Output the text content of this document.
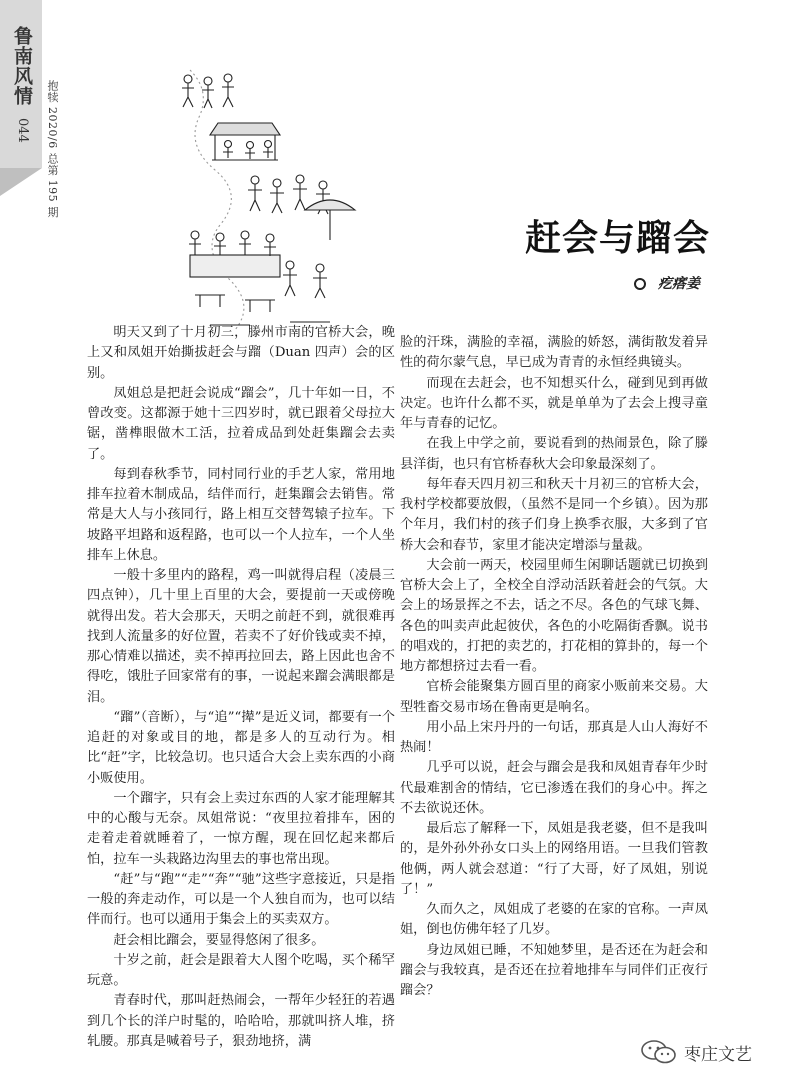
鲁南风情
044 抱犊 2020/6 总第 195 期
赶会与蹓会
疙瘩姜

明天又到了十月初三，滕州市南的官桥大会，晚上又和凤姐开始撕拔赶会与蹓（Duan 四声）会的区别。

凤姐总是把赶会说成“蹓会”，几十年如一日，不曾改变。这都源于她十三四岁时，就已跟着父母拉大锯，凿榫眼做木工活，拉着成品到处赶集蹓会去卖了。

每到春秋季节，同村同行业的手艺人家，常用地排车拉着木制成品，结伴而行，赶集蹓会去销售。常常是大人与小孩同行，路上相互交替驾辕子拉车。下坡路平坦路和返程路，也可以一个人拉车，一个人坐排车上休息。

一般十多里内的路程，鸡一叫就得启程（凌晨三四点钟），几十里上百里的大会，要提前一天或傍晚就得出发。若大会那天，天明之前赶不到，就很难再找到人流量多的好位置，若卖不了好价钱或卖不掉，那心情难以描述，卖不掉再拉回去，路上因此也舍不得吃，饿肚子回家常有的事，一说起来蹓会满眼都是泪。

“蹓”（音断），与“追”“撵”是近义词，都要有一个追赶的对象或目的地，都是多人的互动行为。相比“赶”字，比较急切。也只适合大会上卖东西的小商小贩使用。

一个蹓字，只有会上卖过东西的人家才能理解其中的心酸与无奈。凤姐常说：“夜里拉着排车，困的走着走着就睡着了，一惊方醒，现在回忆起来都后怕，拉车一头栽路边沟里去的事也常出现。

“赶”与“跑”“走”“奔”“驰”这些字意接近，只是指一般的奔走动作，可以是一个人独自而为，也可以结伴而行。也可以通用于集会上的买卖双方。

赶会相比蹓会，要显得悠闲了很多。

十岁之前，赶会是跟着大人图个吃喝，买个稀罕玩意。

青春时代，那叫赶热闹会，一帮年少轻狂的若遇到几个长的洋户时髦的，哈哈哈，那就叫挤人堆，挤轧腰。那真是喊着号子，狠劲地挤，满

脸的汗珠，满脸的幸福，满脸的娇怒，满街散发着异性的荷尔蒙气息，早已成为青青的永恒经典镜头。

而现在去赶会，也不知想买什么，碰到见到再做决定。也许什么都不买，就是单单为了去会上搜寻童年与青春的记忆。

在我上中学之前，要说看到的热闹景色，除了滕县洋街，也只有官桥春秋大会印象最深刻了。

每年春天四月初三和秋天十月初三的官桥大会，我村学校都要放假，（虽然不是同一个乡镇）。因为那个年月，我们村的孩子们身上换季衣服，大多到了官桥大会和春节，家里才能决定增添与量裁。

大会前一两天，校园里师生闲聊话题就已切换到官桥大会上了，全校全自浮动活跃着赶会的气氛。大会上的场景挥之不去，话之不尽。各色的气球飞舞、各色的叫卖声此起彼伏，各色的小吃隔街香飘。说书的唱戏的，打把的卖艺的，打花相的算卦的，每一个地方都想挤过去看一看。

官桥会能聚集方圆百里的商家小贩前来交易。大型牲畜交易市场在鲁南更是响名。

用小品上宋丹丹的一句话，那真是人山人海好不热闹！

几乎可以说，赶会与蹓会是我和凤姐青春年少时代最难割舍的情结，它已渗透在我们的身心中。挥之不去欲说还休。

最后忘了解释一下，凤姐是我老婆，但不是我叫的，是外孙外孙女口头上的网络用语。一旦我们管教他俩，两人就会怼道：“行了大哥，好了凤姐，别说了！”

久而久之，凤姐成了老婆的在家的官称。一声凤姐，倒也仿佛年轻了几岁。

身边凤姐已睡，不知她梦里，是否还在为赶会和蹓会与我较真，是否还在拉着地排车与同伴们正夜行蹓会？

枣庄文艺
